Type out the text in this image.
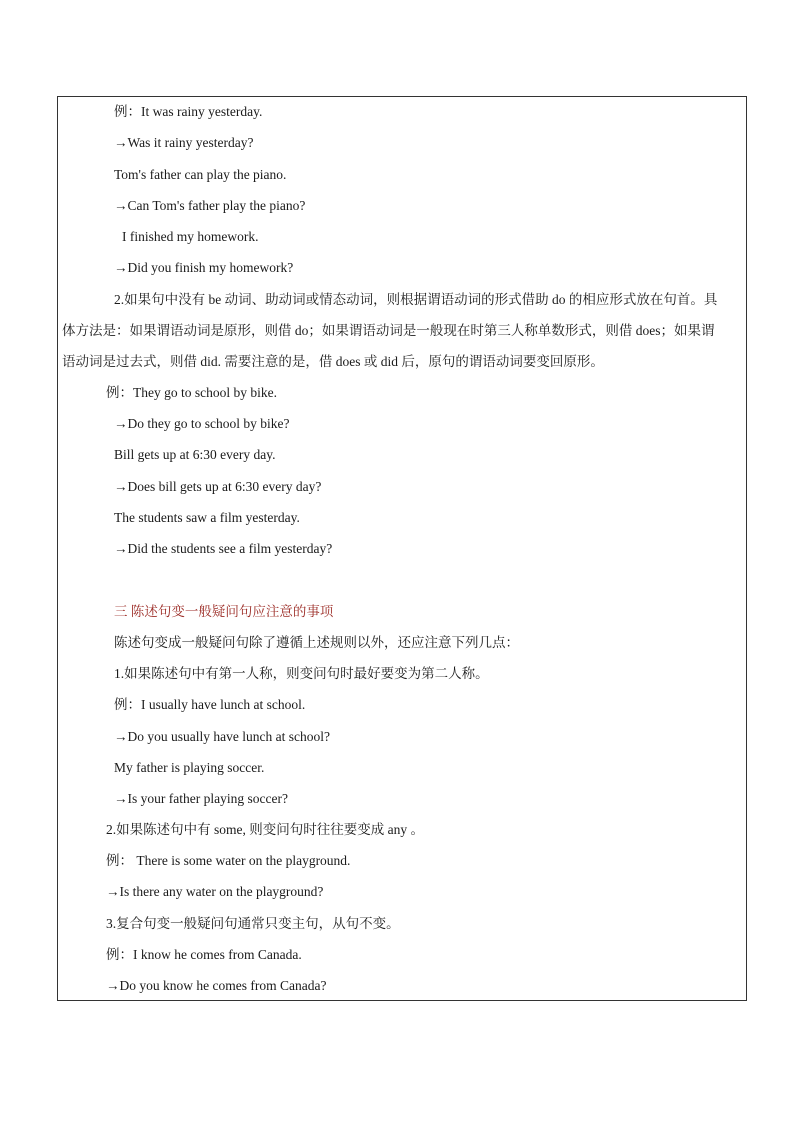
例：It was rainy yesterday.
→Was it rainy yesterday?
Tom's father can play the piano.
→Can Tom's father play the piano?
I finished my homework.
→Did you finish my homework?
2.如果句中没有 be 动词、助动词或情态动词，则根据谓语动词的形式借助 do 的相应形式放在句首。具
体方法是：如果谓语动词是原形，则借 do；如果谓语动词是一般现在时第三人称单数形式，则借 does；如果谓
语动词是过去式，则借 did. 需要注意的是，借 does 或 did 后，原句的谓语动词要变回原形。
例：They go to school by bike.
→Do they go to school by bike?
Bill gets up at 6:30 every day.
→Does bill gets up at 6:30 every day?
The students saw a film yesterday.
→Did the students see a film yesterday?
三 陈述句变一般疑问句应注意的事项
陈述句变成一般疑问句除了遵循上述规则以外，还应注意下列几点：
1.如果陈述句中有第一人称，则变问句时最好要变为第二人称。
例：I usually have lunch at school.
→Do you usually have lunch at school?
My father is playing soccer.
→Is your father playing soccer?
2.如果陈述句中有 some, 则变问句时往往要变成 any 。
例： There is some water on the playground.
→Is there any water on the playground?
3.复合句变一般疑问句通常只变主句，从句不变。
例：I know he comes from Canada.
→Do you know he comes from Canada?
